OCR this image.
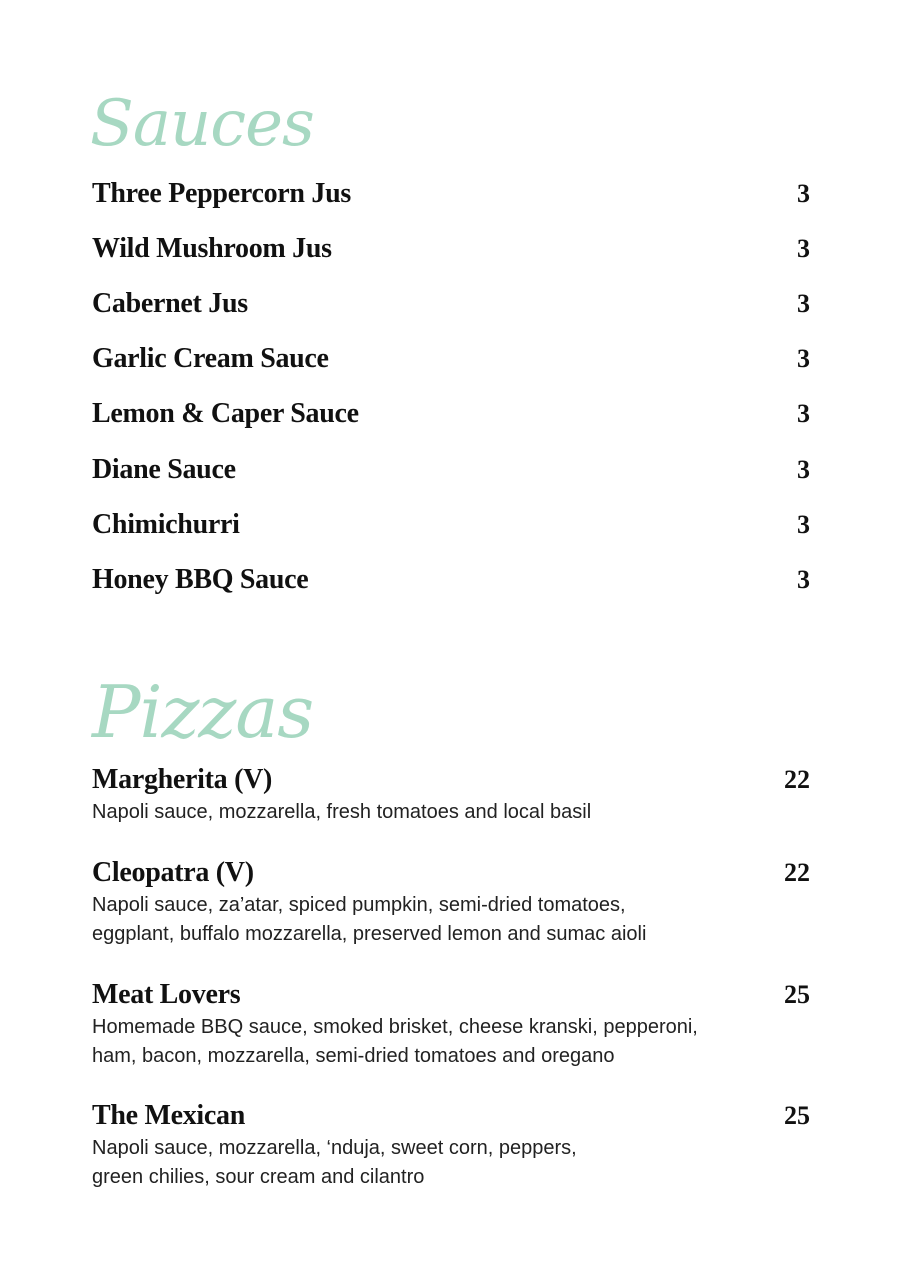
Sauces
Three Peppercorn Jus	3
Wild Mushroom Jus	3
Cabernet Jus	3
Garlic Cream Sauce	3
Lemon & Caper Sauce	3
Diane Sauce	3
Chimichurri	3
Honey BBQ Sauce	3
Pizzas
Margherita (V)	22
Napoli sauce, mozzarella, fresh tomatoes and local basil
Cleopatra (V)	22
Napoli sauce, za’atar, spiced pumpkin, semi-dried tomatoes,
eggplant, buffalo mozzarella, preserved lemon and sumac aioli
Meat Lovers	25
Homemade BBQ sauce, smoked brisket, cheese kranski, pepperoni,
ham, bacon, mozzarella, semi-dried tomatoes and oregano
The Mexican	25
Napoli sauce, mozzarella, ‘nduja, sweet corn, peppers,
green chilies, sour cream and cilantro
